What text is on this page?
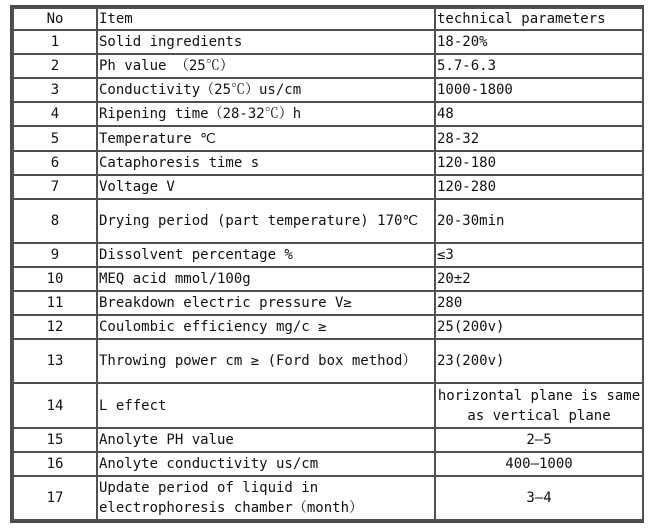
No	Item	technical parameters
1	Solid ingredients	18-20%
2	Ph value （25℃）	5.7-6.3
3	Conductivity（25℃）us/cm	1000-1800
4	Ripening time（28-32℃）h	48
5	Temperature ℃	28-32
6	Cataphoresis time s	120-180
7	Voltage V	120-280
8	Drying period (part temperature) 170℃	20-30min
9	Dissolvent percentage %	≤3
10	MEQ acid mmol/100g	20±2
11	Breakdown electric pressure V≥	280
12	Coulombic efficiency mg/c ≥	25(200v)
13	Throwing power cm ≥ (Ford box method）	23(200v)
14	L effect	horizontal plane is same as vertical plane
15	Anolyte PH value	2—5
16	Anolyte conductivity us/cm	400—1000
17	Update period of liquid in electrophoresis chamber（month）	3—4
